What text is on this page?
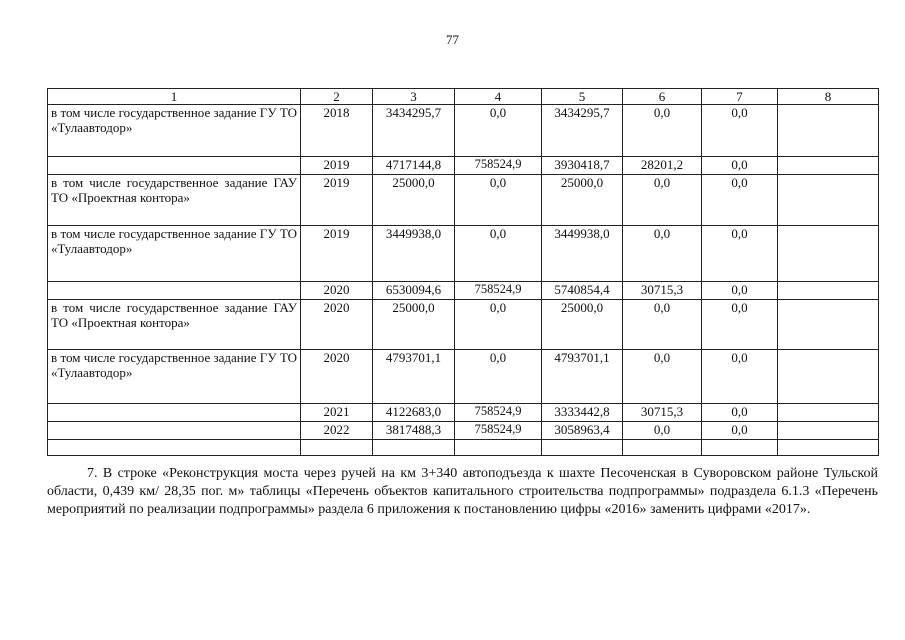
77
1	2	3	4	5	6	7	8
в том числе государственное задание ГУ ТО «Тулаавтодор»	2018	3434295,7	0,0	3434295,7	0,0	0,0	
	2019	4717144,8	758524,9	3930418,7	28201,2	0,0	
в том числе государственное задание ГАУ ТО «Проектная контора»	2019	25000,0	0,0	25000,0	0,0	0,0	
в том числе государственное задание ГУ ТО «Тулаавтодор»	2019	3449938,0	0,0	3449938,0	0,0	0,0	
	2020	6530094,6	758524,9	5740854,4	30715,3	0,0	
в том числе государственное задание ГАУ ТО «Проектная контора»	2020	25000,0	0,0	25000,0	0,0	0,0	
в том числе государственное задание ГУ ТО «Тулаавтодор»	2020	4793701,1	0,0	4793701,1	0,0	0,0	
	2021	4122683,0	758524,9	3333442,8	30715,3	0,0	
	2022	3817488,3	758524,9	3058963,4	0,0	0,0	

7. В строке «Реконструкция моста через ручей на км 3+340 автоподъезда к шахте Песоченская в Суворовском районе Тульской области, 0,439 км/ 28,35 пог. м» таблицы «Перечень объектов капитального строительства подпрограммы» подраздела 6.1.3 «Перечень мероприятий по реализации подпрограммы» раздела 6 приложения к постановлению цифры «2016» заменить цифрами «2017».
